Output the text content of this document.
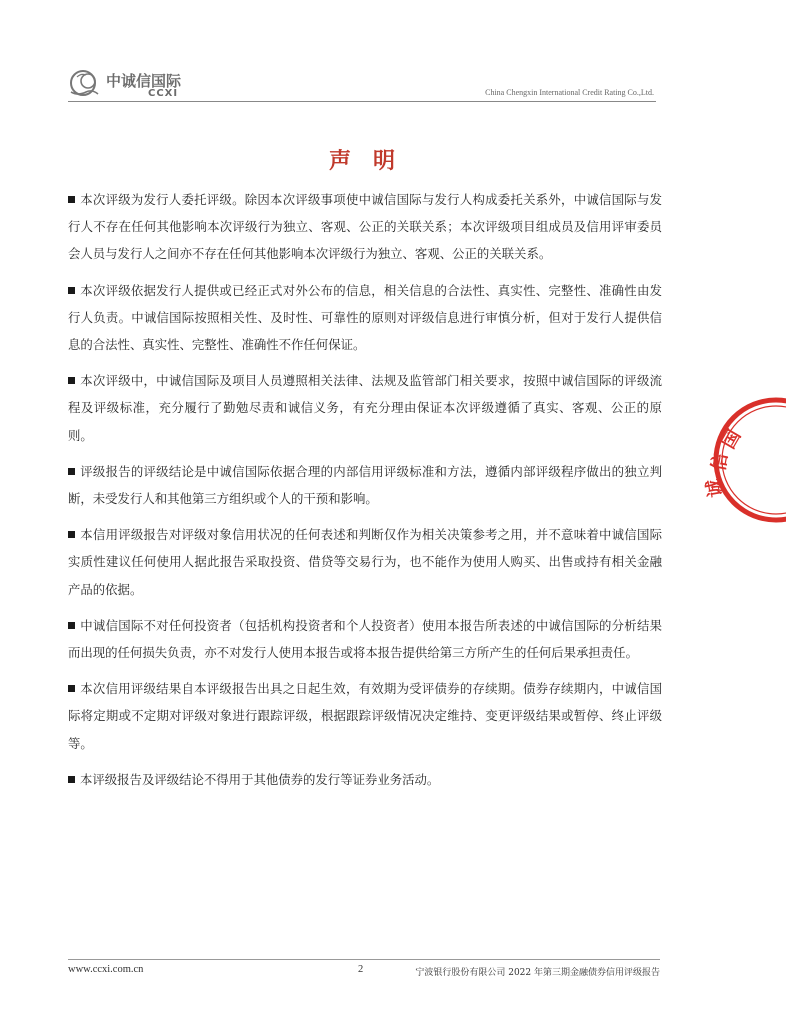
中诚信国际
CCXI	China Chengxin International Credit Rating Co.,Ltd.
声明

本次评级为发行人委托评级。除因本次评级事项使中诚信国际与发行人构成委托关系外，中诚信国际与发行人不存在任何其他影响本次评级行为独立、客观、公正的关联关系；本次评级项目组成员及信用评审委员会人员与发行人之间亦不存在任何其他影响本次评级行为独立、客观、公正的关联关系。

本次评级依据发行人提供或已经正式对外公布的信息，相关信息的合法性、真实性、完整性、准确性由发行人负责。中诚信国际按照相关性、及时性、可靠性的原则对评级信息进行审慎分析，但对于发行人提供信息的合法性、真实性、完整性、准确性不作任何保证。

本次评级中，中诚信国际及项目人员遵照相关法律、法规及监管部门相关要求，按照中诚信国际的评级流程及评级标准，充分履行了勤勉尽责和诚信义务，有充分理由保证本次评级遵循了真实、客观、公正的原则。

评级报告的评级结论是中诚信国际依据合理的内部信用评级标准和方法，遵循内部评级程序做出的独立判断，未受发行人和其他第三方组织或个人的干预和影响。

本信用评级报告对评级对象信用状况的任何表述和判断仅作为相关决策参考之用，并不意味着中诚信国际实质性建议任何使用人据此报告采取投资、借贷等交易行为，也不能作为使用人购买、出售或持有相关金融产品的依据。

中诚信国际不对任何投资者（包括机构投资者和个人投资者）使用本报告所表述的中诚信国际的分析结果而出现的任何损失负责，亦不对发行人使用本报告或将本报告提供给第三方所产生的任何后果承担责任。

本次信用评级结果自本评级报告出具之日起生效，有效期为受评债券的存续期。债券存续期内，中诚信国际将定期或不定期对评级对象进行跟踪评级，根据跟踪评级情况决定维持、变更评级结果或暂停、终止评级等。

本评级报告及评级结论不得用于其他债券的发行等证券业务活动。

国
信
诚
www.ccxi.com.cn	2	宁波银行股份有限公司 2022 年第三期金融债券信用评级报告
